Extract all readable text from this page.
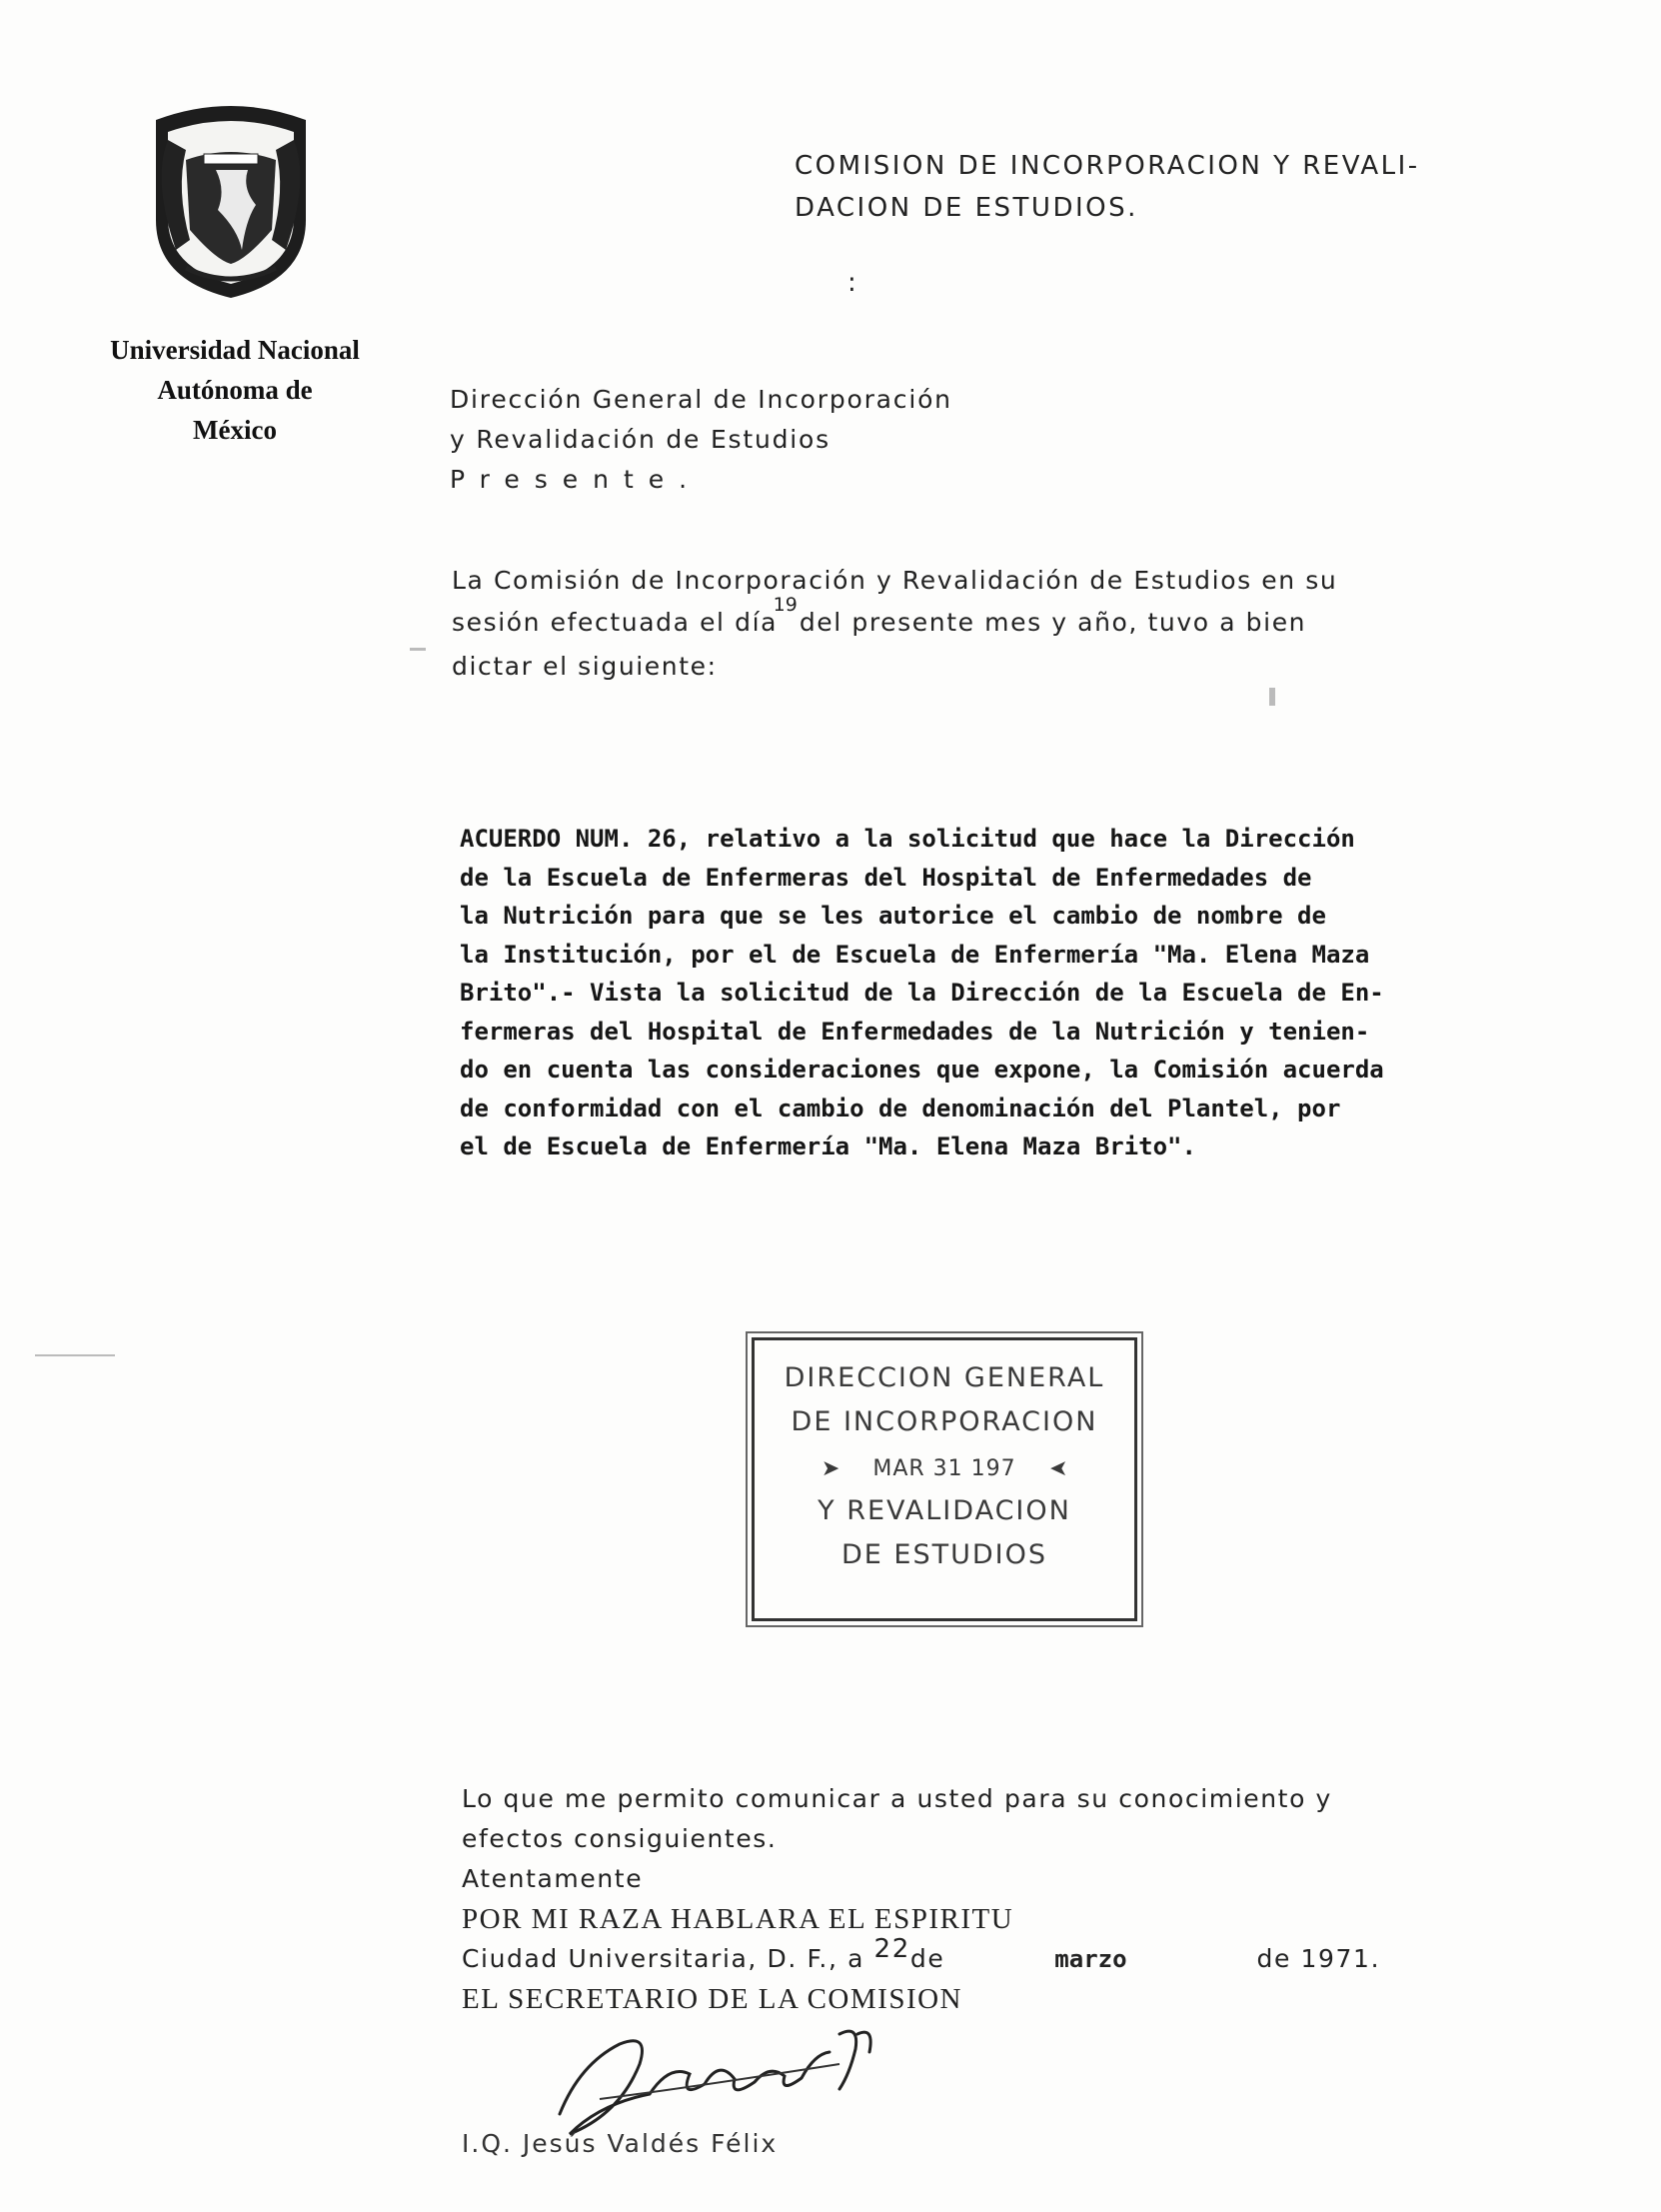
Universidad Nacional
Autónoma de
México
COMISION DE INCORPORACION Y REVALI-
DACION DE ESTUDIOS.
:
Dirección General de Incorporación
y Revalidación de Estudios
Presente.
La Comisión de Incorporación y Revalidación de Estudios en su
sesión efectuada el día $^{19}$del presente mes y año, tuvo a bien
dictar el siguiente:
ACUERDO NUM. 26, relativo a la solicitud que hace la Dirección
de la Escuela de Enfermeras del Hospital de Enfermedades de
la Nutrición para que se les autorice el cambio de nombre de
la Institución, por el de Escuela de Enfermería "Ma. Elena Maza
Brito".- Vista la solicitud de la Dirección de la Escuela de En-
fermeras del Hospital de Enfermedades de la Nutrición y tenien-
do en cuenta las consideraciones que expone, la Comisión acuerda
de conformidad con el cambio de denominación del Plantel, por
el de Escuela de Enfermería "Ma. Elena Maza Brito".
DIRECCION GENERAL
DE INCORPORACION
➤ MAR 31 197 ➤
Y REVALIDACION
DE ESTUDIOS
Lo que me permito comunicar a usted para su conocimiento y
efectos consiguientes.
Atentamente
POR MI RAZA HABLARA EL ESPIRITU
Ciudad Universitaria, D. F., a 22de	marzo	de 1971.
EL SECRETARIO DE LA COMISION
I.Q. Jesús Valdés Félix
